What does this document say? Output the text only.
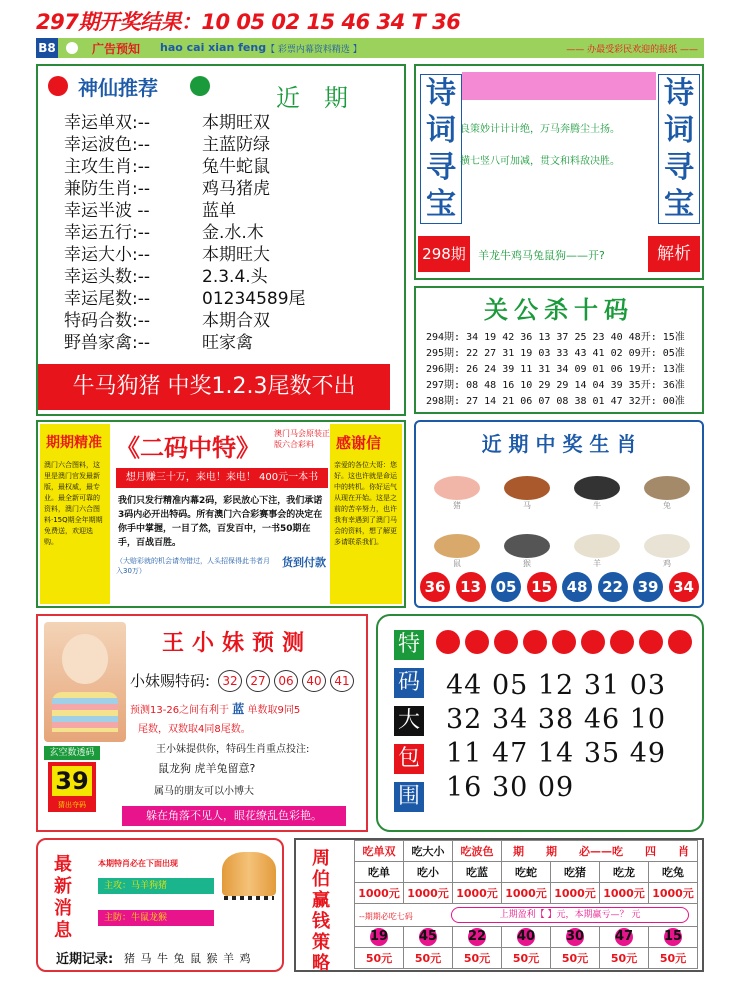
297期开奖结果：10 05 02 15 46 34 T 36
B8	广告预知 hao cai xian feng 【 彩票内幕资料精选 】	—— 办最受彩民欢迎的报纸 ——
神仙推荐	近　期
幸运单双:--	本期旺双
幸运波色:--	主蓝防绿
主攻生肖:--	兔牛蛇鼠
兼防生肖:--	鸡马猪虎
幸运半波 --	蓝单
幸运五行:--	金.水.木
幸运大小:--	本期旺大
幸运头数:--	2.3.4.头
幸运尾数:--	01234589尾
特码合数:--	本期合双
野兽家禽:--	旺家禽
牛马狗猪 中奖1.2.3尾数不出
诗
词
寻
宝
诗
词
寻
宝
良策妙计计计绝，万马奔腾尘土扬。
横七竖八可加减，贯文和料敌决胜。
298期	羊龙牛鸡马兔鼠狗——开?	解析
关公杀十码
294期: 34 19 42 36 13 37 25 23 40 48开: 15准
295期: 22 27 31 19 03 33 43 41 02 09开: 05准
296期: 26 24 39 11 31 34 09 01 06 19开: 13准
297期: 08 48 16 10 29 29 14 04 39 35开: 36准
298期: 27 14 21 06 07 08 38 01 47 32开: 00准
期期精准
澳门六合图料，这里是澳门官发最新版，最权威，最专业。最全新可靠的资料，澳门六合图料·15Q期全年期期免费送，欢迎选购。
《二码中特》 澳门马会原装正版六合彩料
想月赚三十万，来电！来电！ 400元一本书
我们只发行精准内幕2码，彩民放心下注，我们承诺3码内必开出特码。所有澳门六合彩赛事会的决定在你手中掌握，一目了然，百发百中，一书50期在手，百战百胜。
（大赔彩就的机会请勿错过，人头招保得此书者月入30万）
货到付款
感谢信
亲爱的各位大哥：您好。这也许就是命运中的转机。你好运气从现在开始。这是之前的苦辛努力，也许我有幸遇到了澳门马会的资料，想了解更多请联系我们。
近 期 中 奖 生 肖
猪	马	牛	兔
鼠	猴	羊	鸡
36 13 05 15 48 22 39 34
王小妹预测
小妹赐特码:	32	27	06	40	41
预测13-26之间有利于 蓝 单数取9同5
尾数，双数取4同8尾数。
玄空数透码
39
猜出夺码
王小妹提供你，特码生肖重点投注:
鼠龙狗 虎羊兔留意?
属马的朋友可以小博大
躲在角落不见人，眼花缭乱色彩艳。
特
码
大
包
围
44 05 12 31 03
32 34 38 46 10
11 47 14 35 49
16 30 09
最
新
消
息
本期特肖必在下面出现
主攻：马羊狗猪
主防：牛鼠龙猴
近期记录: 猪 马 牛 兔 鼠 猴 羊 鸡
周
伯
赢
钱
策
略
吃单双	吃大小	吃波色	　期　　期　　必——吃　　四　　肖			
吃单	吃小	吃蓝	吃蛇	吃猪	吃龙	吃兔
1000元	1000元	1000元	1000元	1000元	1000元	1000元
--期期必吃七码 上期盈利【 】元，本期赢亏—？ 元						

19	45	22	40	30	47	15
50元	50元	50元	50元	50元	50元	50元
